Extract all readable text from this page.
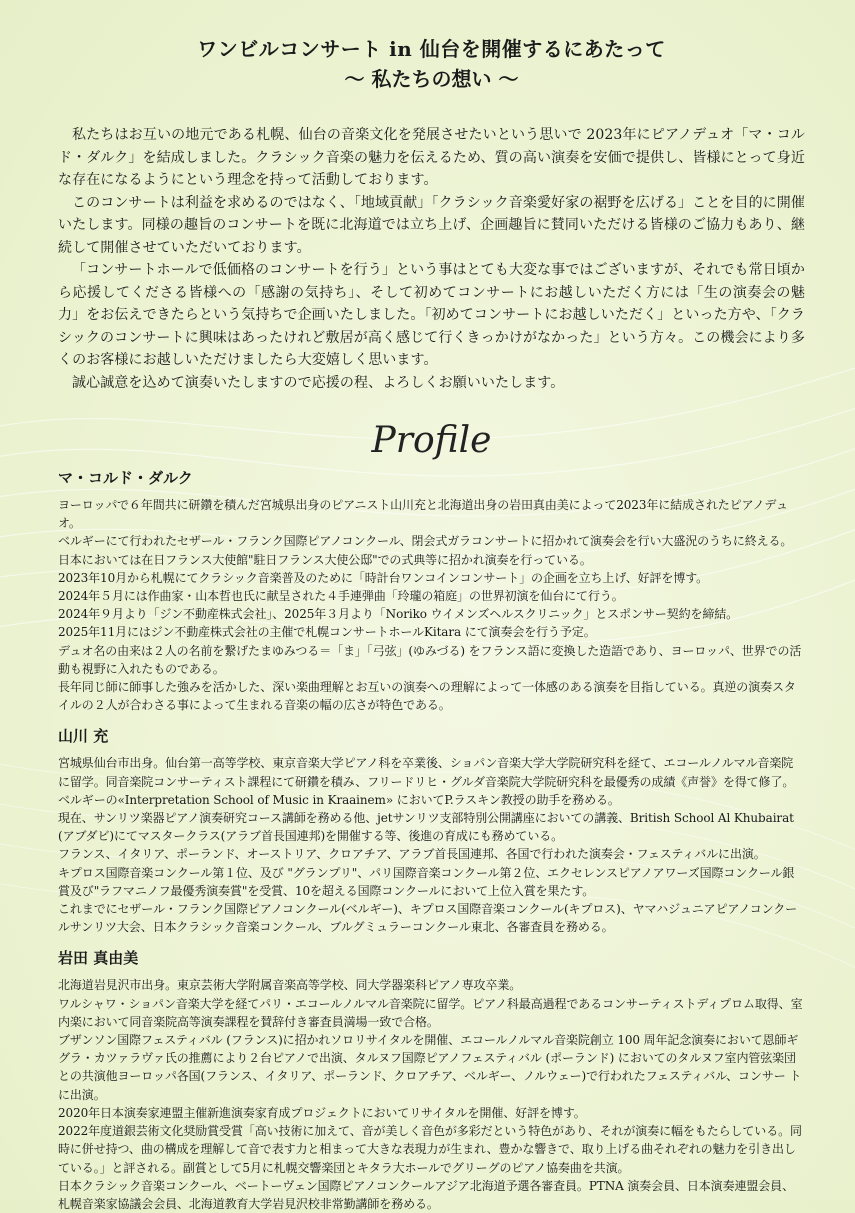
ワンビルコンサート in 仙台を開催するにあたって
～ 私たちの想い ～

私たちはお互いの地元である札幌、仙台の音楽文化を発展させたいという思いで 2023年にピアノデュオ「マ・コルド・ダルク」を結成しました。クラシック音楽の魅力を伝えるため、質の高い演奏を安価で提供し、皆様にとって身近な存在になるようにという理念を持って活動しております。

このコンサートは利益を求めるのではなく、「地域貢献」「クラシック音楽愛好家の裾野を広げる」ことを目的に開催いたします。同様の趣旨のコンサートを既に北海道では立ち上げ、企画趣旨に賛同いただける皆様のご協力もあり、継続して開催させていただいております。

「コンサートホールで低価格のコンサートを行う」という事はとても大変な事ではございますが、それでも常日頃から応援してくださる皆様への「感謝の気持ち」、そして初めてコンサートにお越しいただく方には「生の演奏会の魅力」をお伝えできたらという気持ちで企画いたしました。「初めてコンサートにお越しいただく」といった方や、「クラシックのコンサートに興味はあったけれど敷居が高く感じて行くきっかけがなかった」という方々。この機会により多くのお客様にお越しいただけましたら大変嬉しく思います。

誠心誠意を込めて演奏いたしますので応援の程、よろしくお願いいたします。

Profile
マ・コルド・ダルク

ヨーロッパで６年間共に研鑽を積んだ宮城県出身のピアニスト山川充と北海道出身の岩田真由美によって2023年に結成されたピアノデュオ。

ベルギーにて行われたセザール・フランク国際ピアノコンクール、閉会式ガラコンサートに招かれて演奏会を行い大盛況のうちに終える。

日本においては在日フランス大使館"駐日フランス大使公邸"での式典等に招かれ演奏を行っている。

2023年10月から札幌にてクラシック音楽普及のために「時計台ワンコインコンサート」の企画を立ち上げ、好評を博す。

2024年５月には作曲家・山本哲也氏に献呈された４手連弾曲「玲瓏の箱庭」の世界初演を仙台にて行う。

2024年９月より「ジン不動産株式会社」、2025年３月より「Noriko ウイメンズヘルスクリニック」とスポンサー契約を締結。

2025年11月にはジン不動産株式会社の主催で札幌コンサートホールKitara にて演奏会を行う予定。

デュオ名の由来は２人の名前を繋げたまゆみつる＝「ま」「弓弦」(ゆみづる) をフランス語に変換した造語であり、ヨーロッパ、世界での活動も視野に入れたものである。

長年同じ師に師事した強みを活かした、深い楽曲理解とお互いの演奏への理解によって一体感のある演奏を目指している。真逆の演奏スタイルの２人が合わさる事によって生まれる音楽の幅の広さが特色である。

山川 充

宮城県仙台市出身。仙台第一高等学校、東京音楽大学ピアノ科を卒業後、ショパン音楽大学大学院研究科を経て、エコールノルマル音楽院に留学。同音楽院コンサーティスト課程にて研鑽を積み、フリードリヒ・グルダ音楽院大学院研究科を最優秀の成績《声誉》を得て修了。

ベルギーの«Interpretation School of Music in Kraainem» においてP.ラスキン教授の助手を務める。

現在、サンリツ楽器ピアノ演奏研究コース講師を務める他、jetサンリツ支部特別公開講座においての講義、British School Al Khubairat (アブダビ)にてマスタークラス(アラブ首長国連邦)を開催する等、後進の育成にも務めている。

フランス、イタリア、ポーランド、オーストリア、クロアチア、アラブ首長国連邦、各国で行われた演奏会・フェスティバルに出演。

キプロス国際音楽コンクール第１位、及び "グランプリ"、パリ国際音楽コンクール第２位、エクセレンスピアノアワーズ国際コンクール銀賞及び"ラフマニノフ最優秀演奏賞"を受賞、10を超える国際コンクールにおいて上位入賞を果たす。

これまでにセザール・フランク国際ピアノコンクール(ベルギー)、キプロス国際音楽コンクール(キプロス)、ヤマハジュニアピアノコンクールサンリツ大会、日本クラシック音楽コンクール、ブルグミュラーコンクール東北、各審査員を務める。

岩田 真由美

北海道岩見沢市出身。東京芸術大学附属音楽高等学校、同大学器楽科ピアノ専攻卒業。

ワルシャワ・ショパン音楽大学を経てパリ・エコールノルマル音楽院に留学。ピアノ科最高過程であるコンサーティストディプロム取得、室内楽において同音楽院高等演奏課程を賛辞付き審査員満場一致で合格。

ブザンソン国際フェスティバル (フランス)に招かれソロリサイタルを開催、エコールノルマル音楽院創立 100 周年記念演奏において恩師ギグラ・カツァラヴァ氏の推薦により２台ピアノで出演、タルヌフ国際ピアノフェスティバル (ポーランド) においてのタルヌフ室内管弦楽団との共演他ヨーロッパ各国(フランス、イタリア、ポーランド、クロアチア、ベルギー、ノルウェー)で行われたフェスティバル、コンサー トに出演。

2020年日本演奏家連盟主催新進演奏家育成プロジェクトにおいてリサイタルを開催、好評を博す。

2022年度道銀芸術文化奨励賞受賞「高い技術に加えて、音が美しく音色が多彩だという特色があり、それが演奏に幅をもたらしている。同時に併せ持つ、曲の構成を理解して音で表す力と相まって大きな表現力が生まれ、豊かな響きで、取り上げる曲それぞれの魅力を引き出している。」と評される。副賞として5月に札幌交響楽団とキタラ大ホールでグリーグのピアノ協奏曲を共演。

日本クラシック音楽コンクール、ベートーヴェン国際ピアノコンクールアジア北海道予選各審査員。PTNA 演奏会員、日本演奏連盟会員、札幌音楽家協議会会員、北海道教育大学岩見沢校非常勤講師を務める。
